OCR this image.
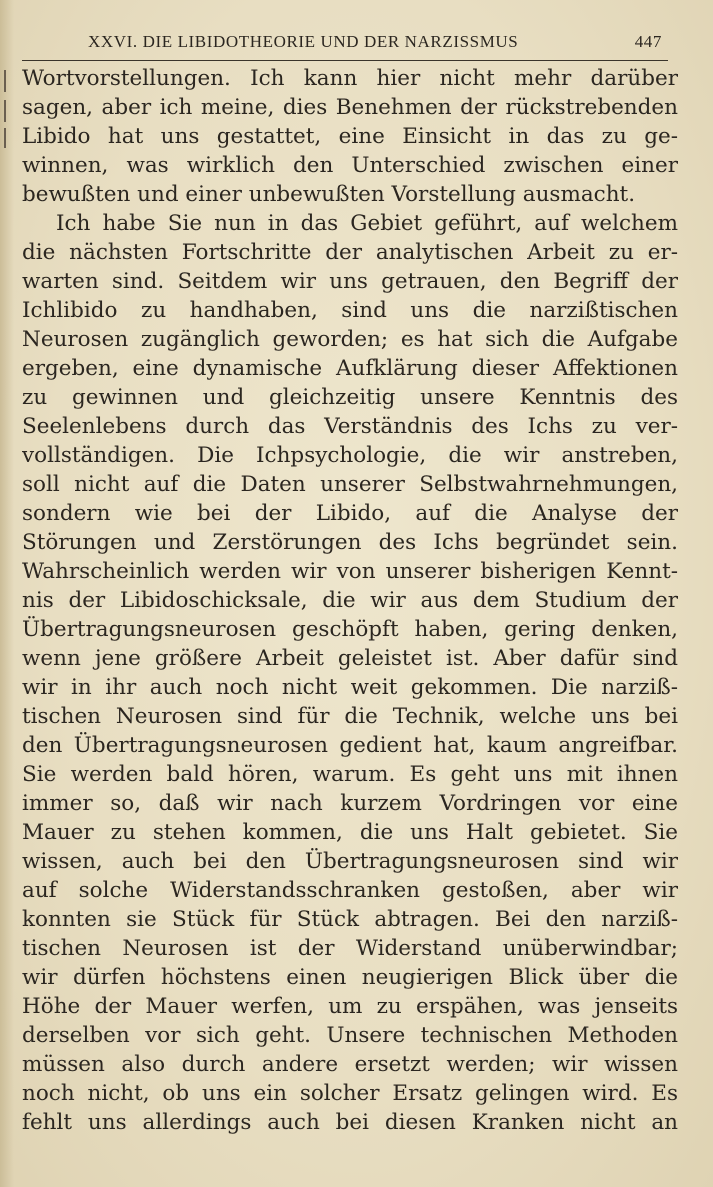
XXVI. DIE LIBIDOTHEORIE UND DER NARZISSMUS	447
Wortvorstellungen. Ich kann hier nicht mehr darüber
sagen, aber ich meine, dies Benehmen der rückstrebenden
Libido hat uns gestattet, eine Einsicht in das zu ge-
winnen, was wirklich den Unterschied zwischen einer
bewußten und einer unbewußten Vorstellung ausmacht.
Ich habe Sie nun in das Gebiet geführt, auf welchem
die nächsten Fortschritte der analytischen Arbeit zu er-
warten sind. Seitdem wir uns getrauen, den Begriff der
Ichlibido zu handhaben, sind uns die narzißtischen
Neurosen zugänglich geworden; es hat sich die Aufgabe
ergeben, eine dynamische Aufklärung dieser Affektionen
zu gewinnen und gleichzeitig unsere Kenntnis des
Seelenlebens durch das Verständnis des Ichs zu ver-
vollständigen. Die Ichpsychologie, die wir anstreben,
soll nicht auf die Daten unserer Selbstwahrnehmungen,
sondern wie bei der Libido, auf die Analyse der
Störungen und Zerstörungen des Ichs begründet sein.
Wahrscheinlich werden wir von unserer bisherigen Kennt-
nis der Libidoschicksale, die wir aus dem Studium der
Übertragungsneurosen geschöpft haben, gering denken,
wenn jene größere Arbeit geleistet ist. Aber dafür sind
wir in ihr auch noch nicht weit gekommen. Die narziß-
tischen Neurosen sind für die Technik, welche uns bei
den Übertragungsneurosen gedient hat, kaum angreifbar.
Sie werden bald hören, warum. Es geht uns mit ihnen
immer so, daß wir nach kurzem Vordringen vor eine
Mauer zu stehen kommen, die uns Halt gebietet. Sie
wissen, auch bei den Übertragungsneurosen sind wir
auf solche Widerstandsschranken gestoßen, aber wir
konnten sie Stück für Stück abtragen. Bei den narziß-
tischen Neurosen ist der Widerstand unüberwindbar;
wir dürfen höchstens einen neugierigen Blick über die
Höhe der Mauer werfen, um zu erspähen, was jenseits
derselben vor sich geht. Unsere technischen Methoden
müssen also durch andere ersetzt werden; wir wissen
noch nicht, ob uns ein solcher Ersatz gelingen wird. Es
fehlt uns allerdings auch bei diesen Kranken nicht an
